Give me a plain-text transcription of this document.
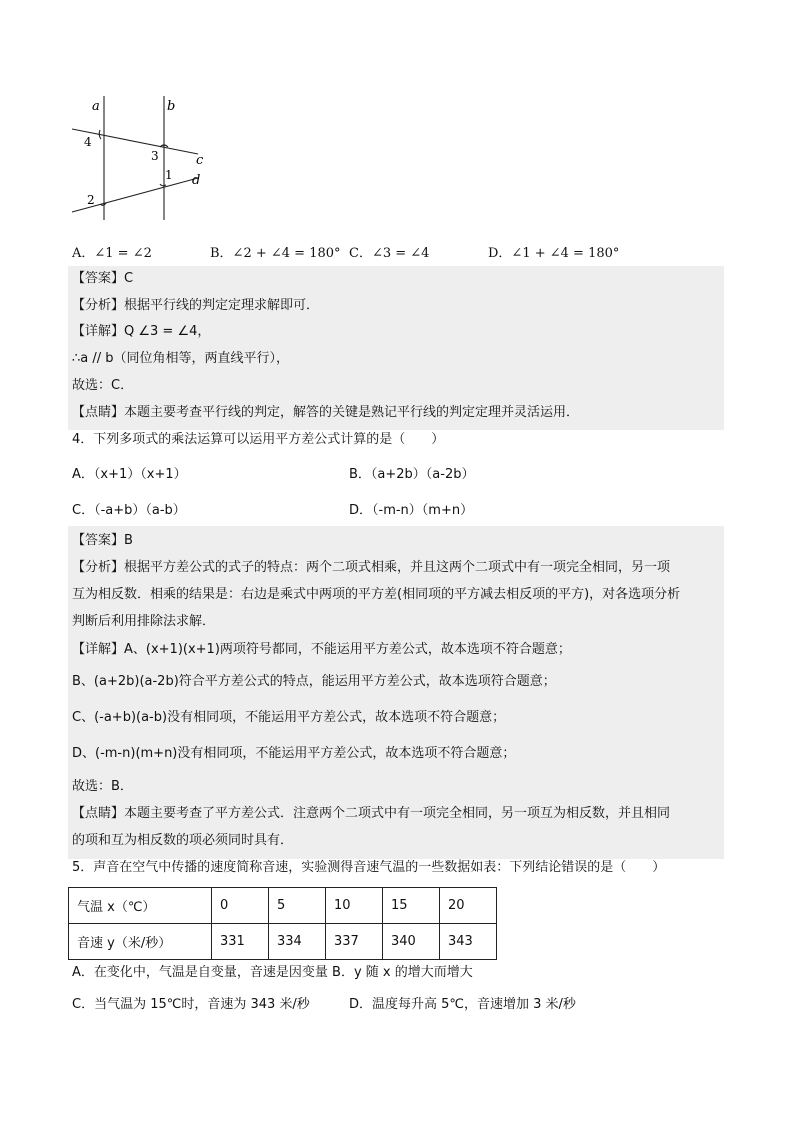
a	b
c
d
4
3
1
2
A．∠1 = ∠2	B．∠2 + ∠4 = 180° C．∠3 = ∠4	D．∠1 + ∠4 = 180°
【答案】C
【分析】根据平行线的判定定理求解即可．
【详解】Q ∠3 = ∠4，
∴a // b（同位角相等，两直线平行），
故选：C．
【点睛】本题主要考查平行线的判定，解答的关键是熟记平行线的判定定理并灵活运用．
4．下列多项式的乘法运算可以运用平方差公式计算的是（　　）
A．（x+1）（x+1）	B．（a+2b）（a-2b）
C．（-a+b）（a-b）	D．（-m-n）（m+n）
【答案】B
【分析】根据平方差公式的式子的特点：两个二项式相乘，并且这两个二项式中有一项完全相同，另一项
互为相反数．相乘的结果是：右边是乘式中两项的平方差(相同项的平方减去相反项的平方)，对各选项分析
判断后利用排除法求解．
【详解】A、(x+1)(x+1)两项符号都同，不能运用平方差公式，故本选项不符合题意；
B、(a+2b)(a-2b)符合平方差公式的特点，能运用平方差公式，故本选项符合题意；
C、(-a+b)(a-b)没有相同项，不能运用平方差公式，故本选项不符合题意；
D、(-m-n)(m+n)没有相同项，不能运用平方差公式，故本选项不符合题意；
故选：B．
【点睛】本题主要考查了平方差公式．注意两个二项式中有一项完全相同，另一项互为相反数，并且相同
的项和互为相反数的项必须同时具有．
5．声音在空气中传播的速度简称音速，实验测得音速气温的一些数据如表：下列结论错误的是（　　）
气温 x（℃）	0	5	10	15	20
音速 y（米/秒）	331	334	337	340	343
A．在变化中，气温是自变量，音速是因变量 B．y 随 x 的增大而增大
C．当气温为 15℃时，音速为 343 米/秒	D．温度每升高 5℃，音速增加 3 米/秒
